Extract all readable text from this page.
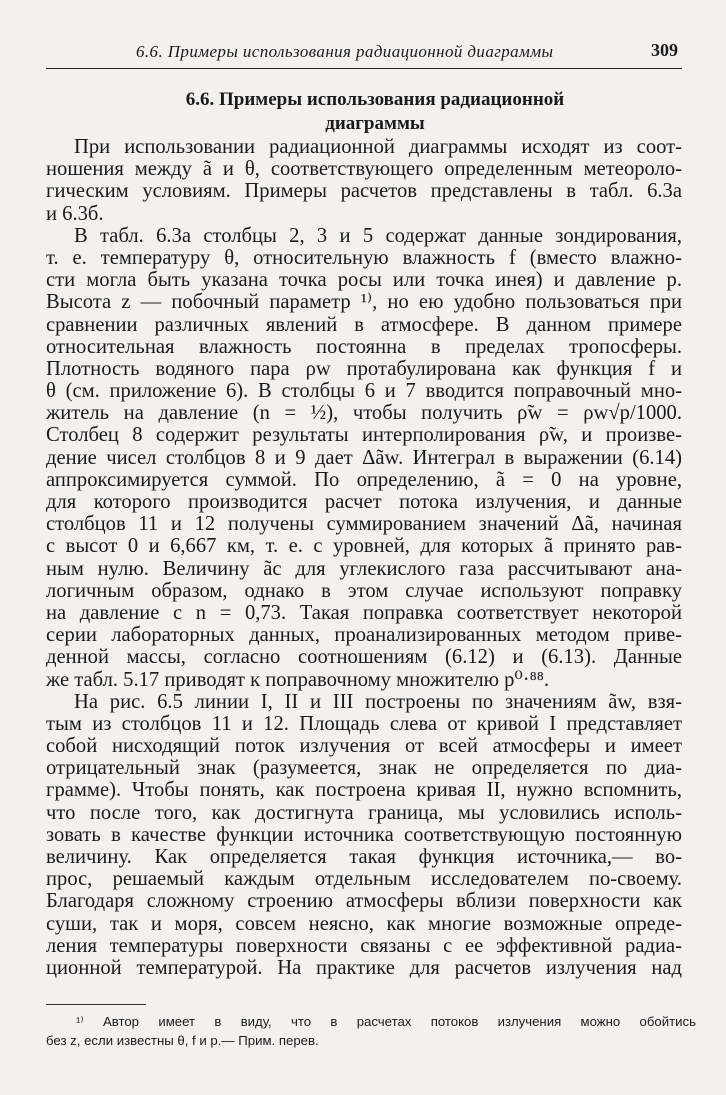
6.6. Примеры использования радиационной диаграммы	309
6.6. Примеры использования радиационной
диаграммы
При использовании радиационной диаграммы исходят из соот-
ношения между ã и θ, соответствующего определенным метеороло-
гическим условиям. Примеры расчетов представлены в табл. 6.3а
и 6.3б.
В табл. 6.3а столбцы 2, 3 и 5 содержат данные зондирования,
т. е. температуру θ, относительную влажность f (вместо влажно-
сти могла быть указана точка росы или точка инея) и давление p.
Высота z — побочный параметр ¹⁾, но ею удобно пользоваться при
сравнении различных явлений в атмосфере. В данном примере
относительная влажность постоянна в пределах тропосферы.
Плотность водяного пара ρw протабулирована как функция f и
θ (см. приложение 6). В столбцы 6 и 7 вводится поправочный мно-
житель на давление (n = ½), чтобы получить ρ̃w = ρw√p/1000.
Столбец 8 содержит результаты интерполирования ρ̃w, и произве-
дение чисел столбцов 8 и 9 дает Δãw. Интеграл в выражении (6.14)
аппроксимируется суммой. По определению, ã = 0 на уровне,
для которого производится расчет потока излучения, и данные
столбцов 11 и 12 получены суммированием значений Δã, начиная
с высот 0 и 6,667 км, т. е. с уровней, для которых ã принято рав-
ным нулю. Величину ãc для углекислого газа рассчитывают ана-
логичным образом, однако в этом случае используют поправку
на давление с n = 0,73. Такая поправка соответствует некоторой
серии лабораторных данных, проанализированных методом приве-
денной массы, согласно соотношениям (6.12) и (6.13). Данные
же табл. 5.17 приводят к поправочному множителю p⁰·⁸⁸.
На рис. 6.5 линии I, II и III построены по значениям ãw, взя-
тым из столбцов 11 и 12. Площадь слева от кривой I представляет
собой нисходящий поток излучения от всей атмосферы и имеет
отрицательный знак (разумеется, знак не определяется по диа-
грамме). Чтобы понять, как построена кривая II, нужно вспомнить,
что после того, как достигнута граница, мы условились исполь-
зовать в качестве функции источника соответствующую постоянную
величину. Как определяется такая функция источника,— во-
прос, решаемый каждым отдельным исследователем по-своему.
Благодаря сложному строению атмосферы вблизи поверхности как
суши, так и моря, совсем неясно, как многие возможные опреде-
ления температуры поверхности связаны с ее эффективной радиа-
ционной температурой. На практике для расчетов излучения над
¹⁾ Автор имеет в виду, что в расчетах потоков излучения можно обойтись
без z, если известны θ, f и p.— Прим. перев.
